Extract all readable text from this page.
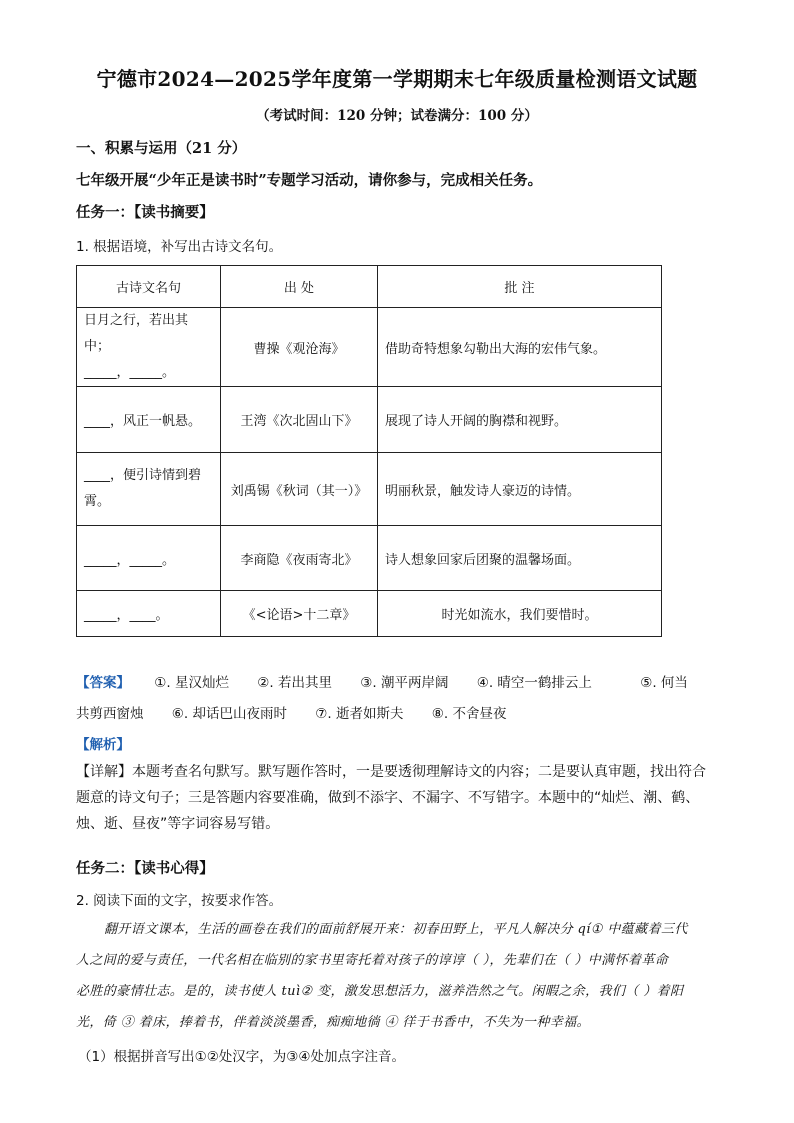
宁德市2024—2025学年度第一学期期末七年级质量检测语文试题
（考试时间：120 分钟；试卷满分：100 分）
一、积累与运用（21 分）
七年级开展“少年正是读书时”专题学习活动，请你参与，完成相关任务。
任务一：【读书摘要】
1. 根据语境，补写出古诗文名句。
古诗文名句	出 处	批 注

日月之行，若出其中；
_____，_____。	曹操《观沧海》	借助奇特想象勾勒出大海的宏伟气象。
____，风正一帆悬。	王湾《次北固山下》	展现了诗人开阔的胸襟和视野。

____，便引诗情到碧
霄。	刘禹锡《秋词（其一）》	明丽秋景，触发诗人豪迈的诗情。
_____，_____。	李商隐《夜雨寄北》	诗人想象回家后团聚的温馨场面。
_____，____。	《<论语>十二章》	时光如流水，我们要惜时。
【答案】 ①. 星汉灿烂 ②. 若出其里 ③. 潮平两岸阔 ④. 晴空一鹤排云上	⑤. 何当
共剪西窗烛 ⑥. 却话巴山夜雨时 ⑦. 逝者如斯夫 ⑧. 不舍昼夜
【解析】
【详解】本题考查名句默写。默写题作答时，一是要透彻理解诗文的内容；二是要认真审题，找出符合
题意的诗文句子；三是答题内容要准确，做到不添字、不漏字、不写错字。本题中的“灿烂、潮、鹤、
烛、逝、昼夜”等字词容易写错。
任务二：【读书心得】
2. 阅读下面的文字，按要求作答。
翻开语文课本，生活的画卷在我们的面前舒展开来：初春田野上，平凡人解决分 qí① 中蕴藏着三代
人之间的爱与责任，一代名相在临别的家书里寄托着对孩子的谆谆（ ），先辈们在（ ）中满怀着革命
必胜的豪情壮志。是的，读书使人 tuì② 变，激发思想活力，滋养浩然之气。闲暇之余，我们（ ）着阳
光，倚 ③ 着床，捧着书，伴着淡淡墨香，痴痴地徜 ④ 徉于书香中，不失为一种幸福。
（1）根据拼音写出①②处汉字，为③④处加点字注音。
